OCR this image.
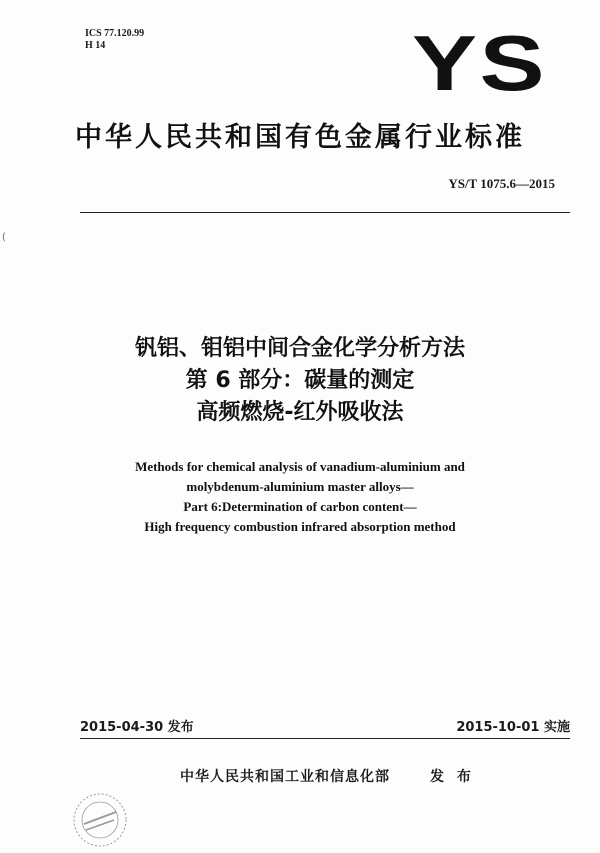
ICS 77.120.99
H 14	YS
中华人民共和国有色金属行业标准
YS/T 1075.6—2015
(
钒铝、钼铝中间合金化学分析方法
第 6 部分：碳量的测定
高频燃烧-红外吸收法
Methods for chemical analysis of vanadium-aluminium and
molybdenum-aluminium master alloys—
Part 6:Determination of carbon content—
High frequency combustion infrared absorption method
2015-04-30 发布	2015-10-01 实施
中华人民共和国工业和信息化部	发 布
